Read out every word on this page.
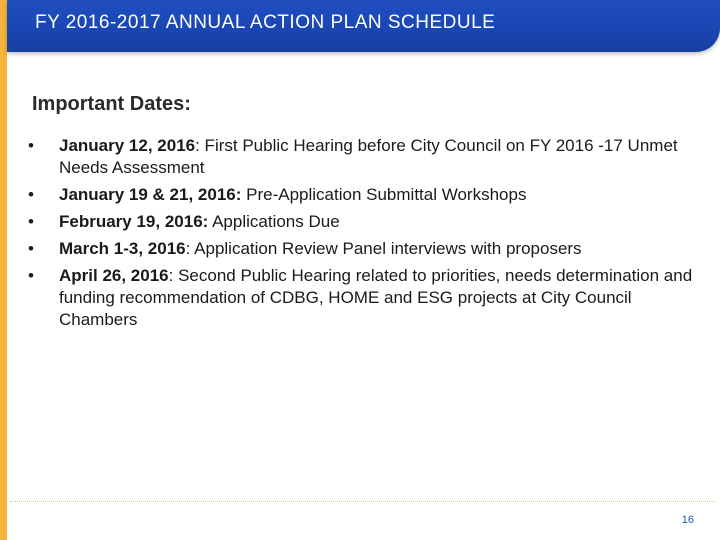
FY 2016-2017 ANNUAL ACTION PLAN SCHEDULE
Important Dates:
•	January 12, 2016: First Public Hearing before City Council on FY 2016 -17 Unmet Needs Assessment
•	January 19 & 21, 2016: Pre-Application Submittal Workshops
•	February 19, 2016: Applications Due
•	March 1-3, 2016: Application Review Panel interviews with proposers
•	April 26, 2016: Second Public Hearing related to priorities, needs determination and funding recommendation of CDBG, HOME and ESG projects at City Council Chambers
16
